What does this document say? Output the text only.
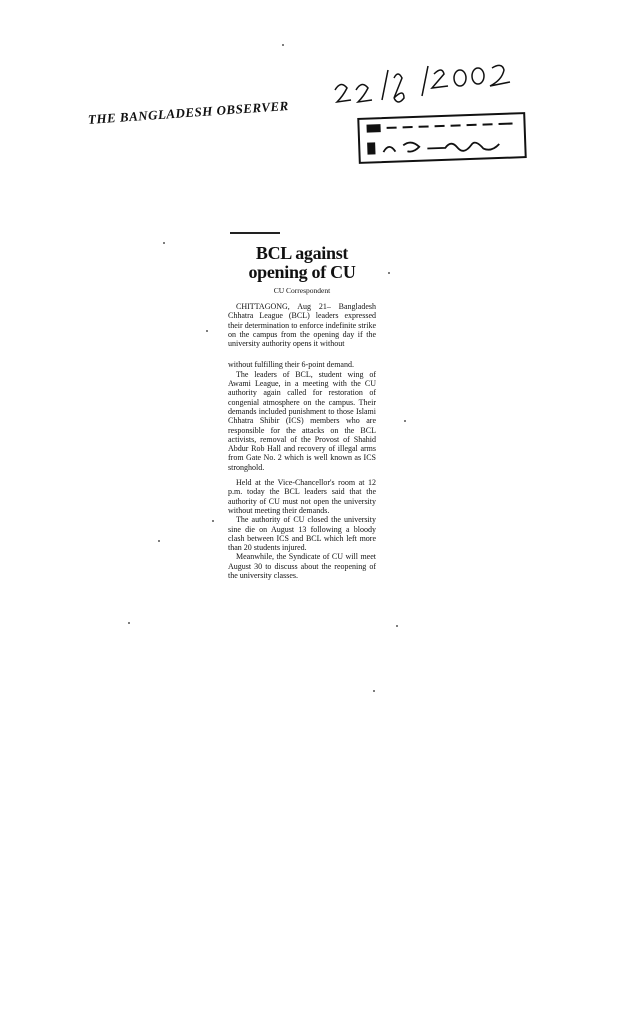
THE BANGLADESH OBSERVER
BCL against
opening of CU
CU Correspondent

CHITTAGONG, Aug 21– Bangladesh Chhatra League (BCL) leaders expressed their determination to enforce indefinite strike on the campus from the opening day if the university authority opens it without

without fulfilling their 6-point demand.

The leaders of BCL, student wing of Awami League, in a meeting with the CU authority again called for restoration of congenial atmosphere on the campus. Their demands included punishment to those Islami Chhatra Shibir (ICS) members who are responsible for the attacks on the BCL activists, removal of the Provost of Shahid Abdur Rob Hall and recovery of illegal arms from Gate No. 2 which is well known as ICS stronghold.

Held at the Vice-Chancellor's room at 12 p.m. today the BCL leaders said that the authority of CU must not open the university without meeting their demands.

The authority of CU closed the university sine die on August 13 following a bloody clash between ICS and BCL which left more than 20 students injured.

Meanwhile, the Syndicate of CU will meet August 30 to discuss about the reopening of the university classes.
